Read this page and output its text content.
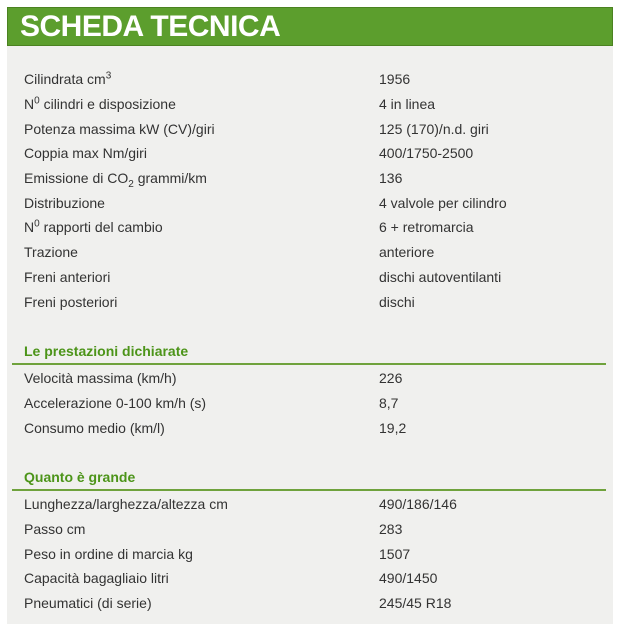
SCHEDA TECNICA
Cilindrata $cm^3$	1956
$N^0$ cilindri e disposizione	4 in linea
Potenza massima kW (CV)/giri	125 (170)/n.d. giri
Coppia max Nm/giri	400/1750-2500
Emissione di $CO_2$ grammi/km	136
Distribuzione	4 valvole per cilindro
$N^0$ rapporti del cambio	6 + retromarcia
Trazione	anteriore
Freni anteriori	dischi autoventilanti
Freni posteriori	dischi
Le prestazioni dichiarate
Velocità massima (km/h)	226
Accelerazione 0-100 km/h (s)	8,7
Consumo medio (km/l)	19,2
Quanto è grande
Lunghezza/larghezza/altezza cm	490/186/146
Passo cm	283
Peso in ordine di marcia kg	1507
Capacità bagagliaio litri	490/1450
Pneumatici (di serie)	245/45 R18
